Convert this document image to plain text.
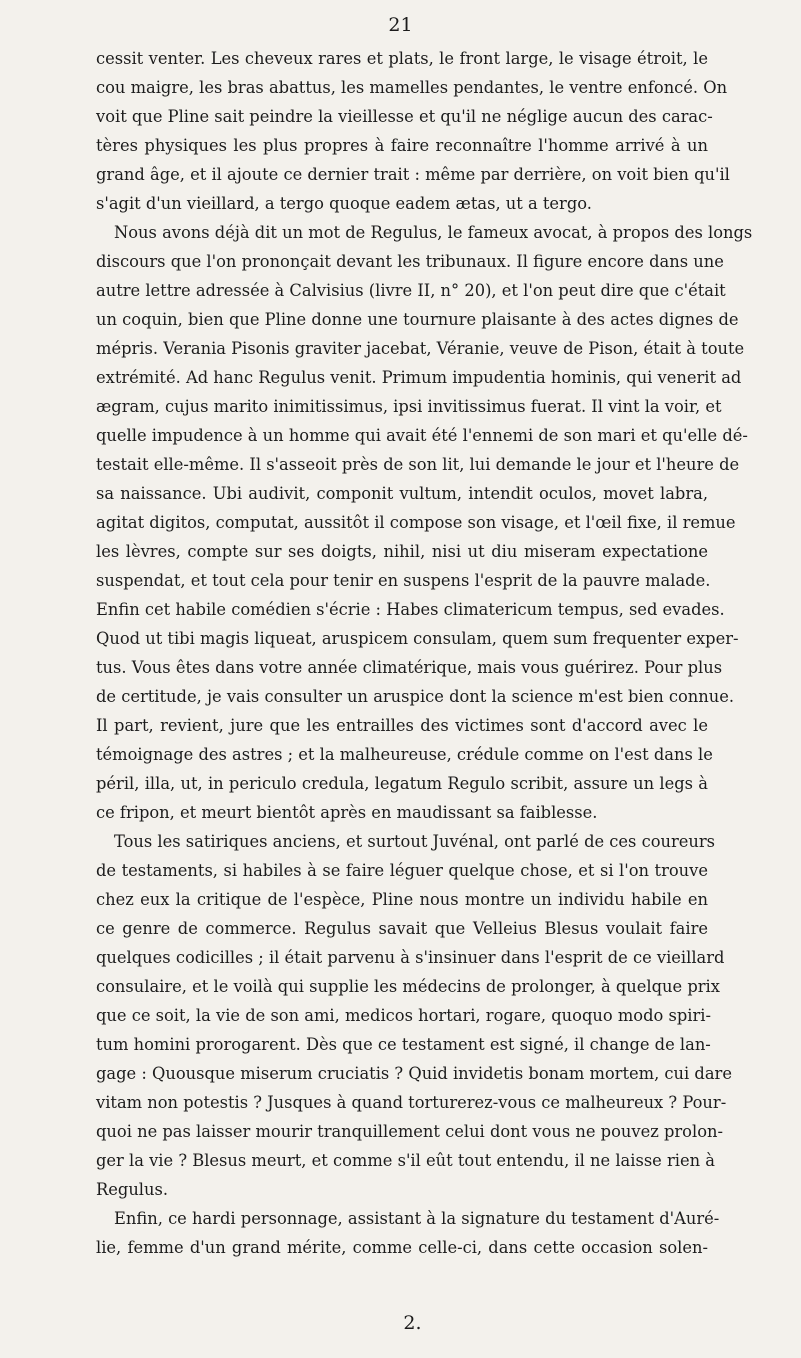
21
cessit venter. Les cheveux rares et plats, le front large, le visage étroit, le
cou maigre, les bras abattus, les mamelles pendantes, le ventre enfoncé. On
voit que Pline sait peindre la vieillesse et qu'il ne néglige aucun des carac-
tères physiques les plus propres à faire reconnaître l'homme arrivé à un
grand âge, et il ajoute ce dernier trait : même par derrière, on voit bien qu'il
s'agit d'un vieillard, a tergo quoque eadem ætas, ut a tergo.
Nous avons déjà dit un mot de Regulus, le fameux avocat, à propos des longs
discours que l'on prononçait devant les tribunaux. Il figure encore dans une
autre lettre adressée à Calvisius (livre II, n° 20), et l'on peut dire que c'était
un coquin, bien que Pline donne une tournure plaisante à des actes dignes de
mépris. Verania Pisonis graviter jacebat, Véranie, veuve de Pison, était à toute
extrémité. Ad hanc Regulus venit. Primum impudentia hominis, qui venerit ad
ægram, cujus marito inimitissimus, ipsi invitissimus fuerat. Il vint la voir, et
quelle impudence à un homme qui avait été l'ennemi de son mari et qu'elle dé-
testait elle-même. Il s'asseoit près de son lit, lui demande le jour et l'heure de
sa naissance. Ubi audivit, componit vultum, intendit oculos, movet labra,
agitat digitos, computat, aussitôt il compose son visage, et l'œil fixe, il remue
les lèvres, compte sur ses doigts, nihil, nisi ut diu miseram expectatione
suspendat, et tout cela pour tenir en suspens l'esprit de la pauvre malade.
Enfin cet habile comédien s'écrie : Habes climatericum tempus, sed evades.
Quod ut tibi magis liqueat, aruspicem consulam, quem sum frequenter exper-
tus. Vous êtes dans votre année climatérique, mais vous guérirez. Pour plus
de certitude, je vais consulter un aruspice dont la science m'est bien connue.
Il part, revient, jure que les entrailles des victimes sont d'accord avec le
témoignage des astres ; et la malheureuse, crédule comme on l'est dans le
péril, illa, ut, in periculo credula, legatum Regulo scribit, assure un legs à
ce fripon, et meurt bientôt après en maudissant sa faiblesse.
Tous les satiriques anciens, et surtout Juvénal, ont parlé de ces coureurs
de testaments, si habiles à se faire léguer quelque chose, et si l'on trouve
chez eux la critique de l'espèce, Pline nous montre un individu habile en
ce genre de commerce. Regulus savait que Velleius Blesus voulait faire
quelques codicilles ; il était parvenu à s'insinuer dans l'esprit de ce vieillard
consulaire, et le voilà qui supplie les médecins de prolonger, à quelque prix
que ce soit, la vie de son ami, medicos hortari, rogare, quoquo modo spiri-
tum homini prorogarent. Dès que ce testament est signé, il change de lan-
gage : Quousque miserum cruciatis ? Quid invidetis bonam mortem, cui dare
vitam non potestis ? Jusques à quand torturerez-vous ce malheureux ? Pour-
quoi ne pas laisser mourir tranquillement celui dont vous ne pouvez prolon-
ger la vie ? Blesus meurt, et comme s'il eût tout entendu, il ne laisse rien à
Regulus.
Enfin, ce hardi personnage, assistant à la signature du testament d'Auré-
lie, femme d'un grand mérite, comme celle-ci, dans cette occasion solen-
2.
